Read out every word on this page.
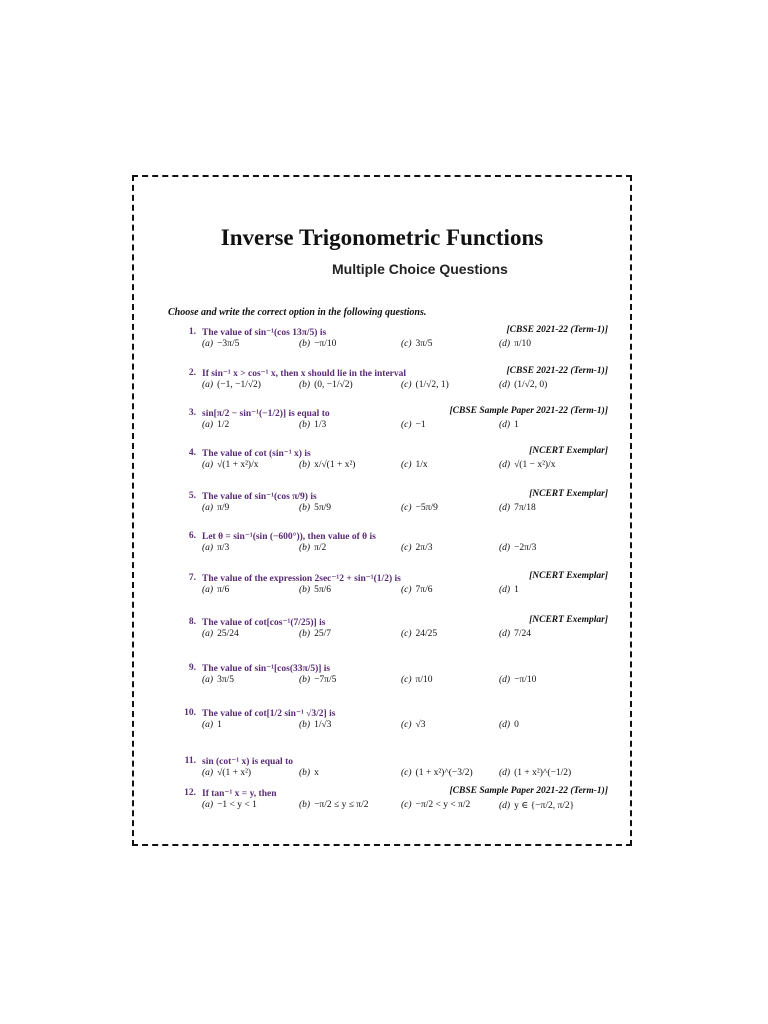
Inverse Trigonometric Functions
Multiple Choice Questions
Choose and write the correct option in the following questions.
1. The value of sin⁻¹(cos 13π/5) is	[CBSE 2021-22 (Term-1)]
(a) −3π/5	(b) −π/10	(c) 3π/5	(d) π/10
2. If sin⁻¹ x > cos⁻¹ x, then x should lie in the interval	[CBSE 2021-22 (Term-1)]
(a) (−1, −1/√2)	(b) (0, −1/√2)	(c) (1/√2, 1)	(d) (1/√2, 0)
3. sin[π/2 − sin⁻¹(−1/2)] is equal to	[CBSE Sample Paper 2021-22 (Term-1)]
(a) 1/2	(b) 1/3	(c) −1	(d) 1
4. The value of cot (sin⁻¹ x) is	[NCERT Exemplar]
(a) √(1 + x²)/x	(b) x/√(1 + x²)	(c) 1/x	(d) √(1 − x²)/x
5. The value of sin⁻¹(cos π/9) is	[NCERT Exemplar]
(a) π/9	(b) 5π/9	(c) −5π/9	(d) 7π/18
6. Let θ = sin⁻¹(sin (−600°)), then value of θ is
(a) π/3	(b) π/2	(c) 2π/3	(d) −2π/3
7. The value of the expression 2sec⁻¹2 + sin⁻¹(1/2) is	[NCERT Exemplar]
(a) π/6	(b) 5π/6	(c) 7π/6	(d) 1
8. The value of cot[cos⁻¹(7/25)] is	[NCERT Exemplar]
(a) 25/24	(b) 25/7	(c) 24/25	(d) 7/24
9. The value of sin⁻¹[cos(33π/5)] is
(a) 3π/5	(b) −7π/5	(c) π/10	(d) −π/10
10. The value of cot[1/2 sin⁻¹ √3/2] is
(a) 1	(b) 1/√3	(c) √3	(d) 0
11. sin (cot⁻¹ x) is equal to
(a) √(1 + x²)	(b) x	(c) (1 + x²)^(−3/2)	(d) (1 + x²)^(−1/2)
12. If tan⁻¹ x = y, then	[CBSE Sample Paper 2021-22 (Term-1)]
(a) −1 < y < 1	(b) −π/2 ≤ y ≤ π/2	(c) −π/2 < y < π/2	(d) y ∈ {−π/2, π/2}
